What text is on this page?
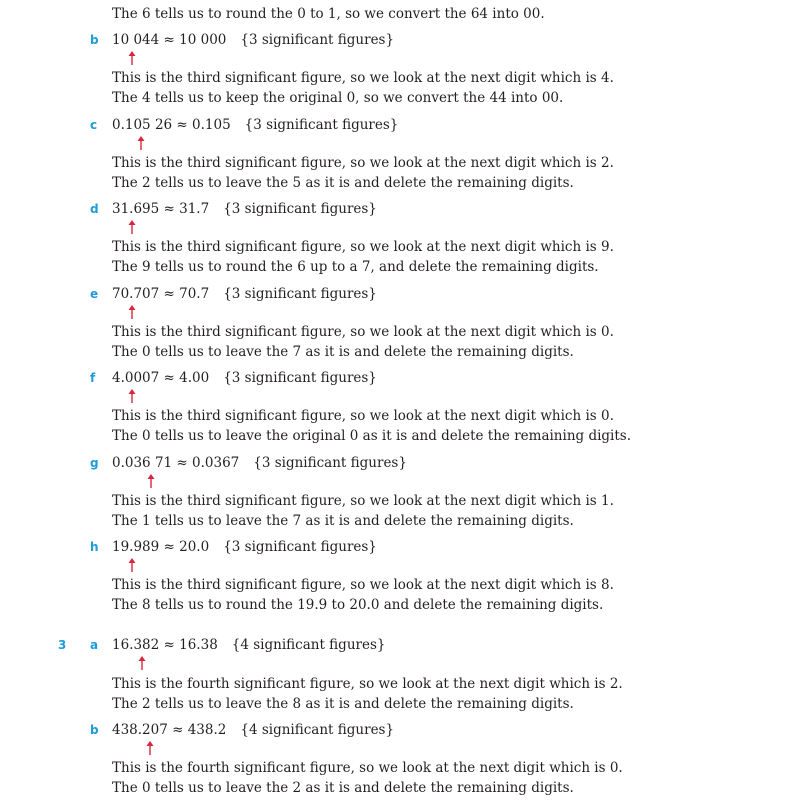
The 6 tells us to round the 0 to 1, so we convert the 64 into 00.
b 10 044 ≈ 10 000 {3 significant figures}
This is the third significant figure, so we look at the next digit which is 4.
The 4 tells us to keep the original 0, so we convert the 44 into 00.
c 0.105 26 ≈ 0.105 {3 significant figures}
This is the third significant figure, so we look at the next digit which is 2.
The 2 tells us to leave the 5 as it is and delete the remaining digits.
d 31.695 ≈ 31.7 {3 significant figures}
This is the third significant figure, so we look at the next digit which is 9.
The 9 tells us to round the 6 up to a 7, and delete the remaining digits.
e 70.707 ≈ 70.7 {3 significant figures}
This is the third significant figure, so we look at the next digit which is 0.
The 0 tells us to leave the 7 as it is and delete the remaining digits.
f 4.0007 ≈ 4.00 {3 significant figures}
This is the third significant figure, so we look at the next digit which is 0.
The 0 tells us to leave the original 0 as it is and delete the remaining digits.
g 0.036 71 ≈ 0.0367 {3 significant figures}
This is the third significant figure, so we look at the next digit which is 1.
The 1 tells us to leave the 7 as it is and delete the remaining digits.
h 19.989 ≈ 20.0 {3 significant figures}
This is the third significant figure, so we look at the next digit which is 8.
The 8 tells us to round the 19.9 to 20.0 and delete the remaining digits.
3 a 16.382 ≈ 16.38 {4 significant figures}
This is the fourth significant figure, so we look at the next digit which is 2.
The 2 tells us to leave the 8 as it is and delete the remaining digits.
b 438.207 ≈ 438.2 {4 significant figures}
This is the fourth significant figure, so we look at the next digit which is 0.
The 0 tells us to leave the 2 as it is and delete the remaining digits.
